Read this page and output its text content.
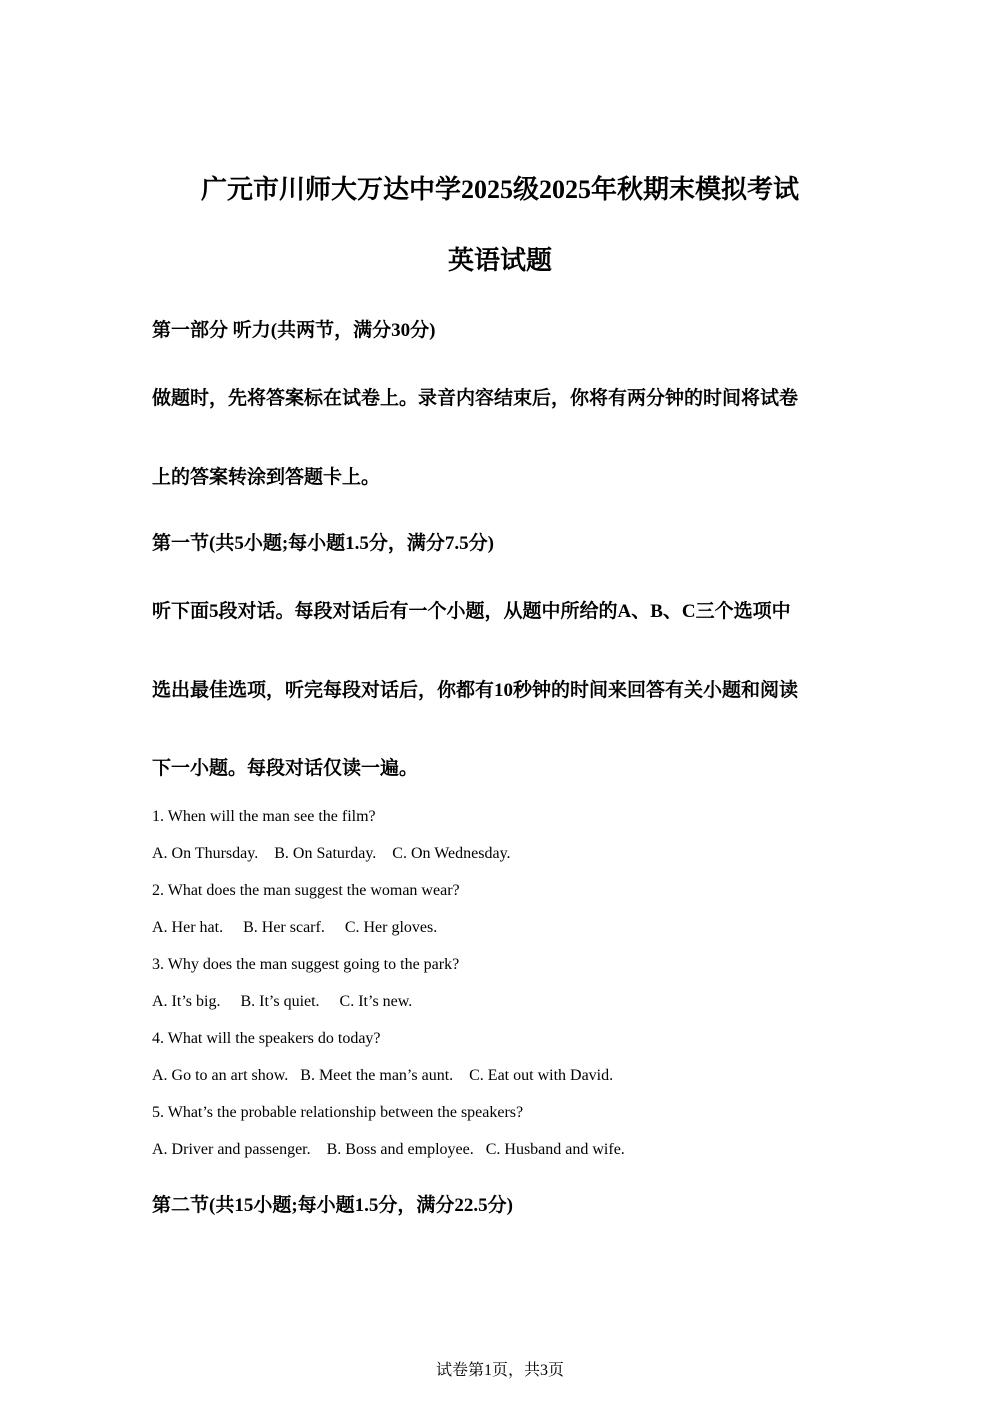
广元市川师大万达中学2025级2025年秋期末模拟考试
英语试题
第一部分 听力(共两节，满分30分)
做题时，先将答案标在试卷上。录音内容结束后，你将有两分钟的时间将试卷
上的答案转涂到答题卡上。
第一节(共5小题;每小题1.5分，满分7.5分)
听下面5段对话。每段对话后有一个小题，从题中所给的A、B、C三个选项中
选出最佳选项，听完每段对话后，你都有10秒钟的时间来回答有关小题和阅读
下一小题。每段对话仅读一遍。
1. When will the man see the film?
A. On Thursday.    B. On Saturday.    C. On Wednesday.
2. What does the man suggest the woman wear?
A. Her hat.     B. Her scarf.     C. Her gloves.
3. Why does the man suggest going to the park?
A. It’s big.     B. It’s quiet.     C. It’s new.
4. What will the speakers do today?
A. Go to an art show.   B. Meet the man’s aunt.    C. Eat out with David.
5. What’s the probable relationship between the speakers?
A. Driver and passenger.    B. Boss and employee.   C. Husband and wife.
第二节(共15小题;每小题1.5分，满分22.5分)
试卷第1页，共3页
